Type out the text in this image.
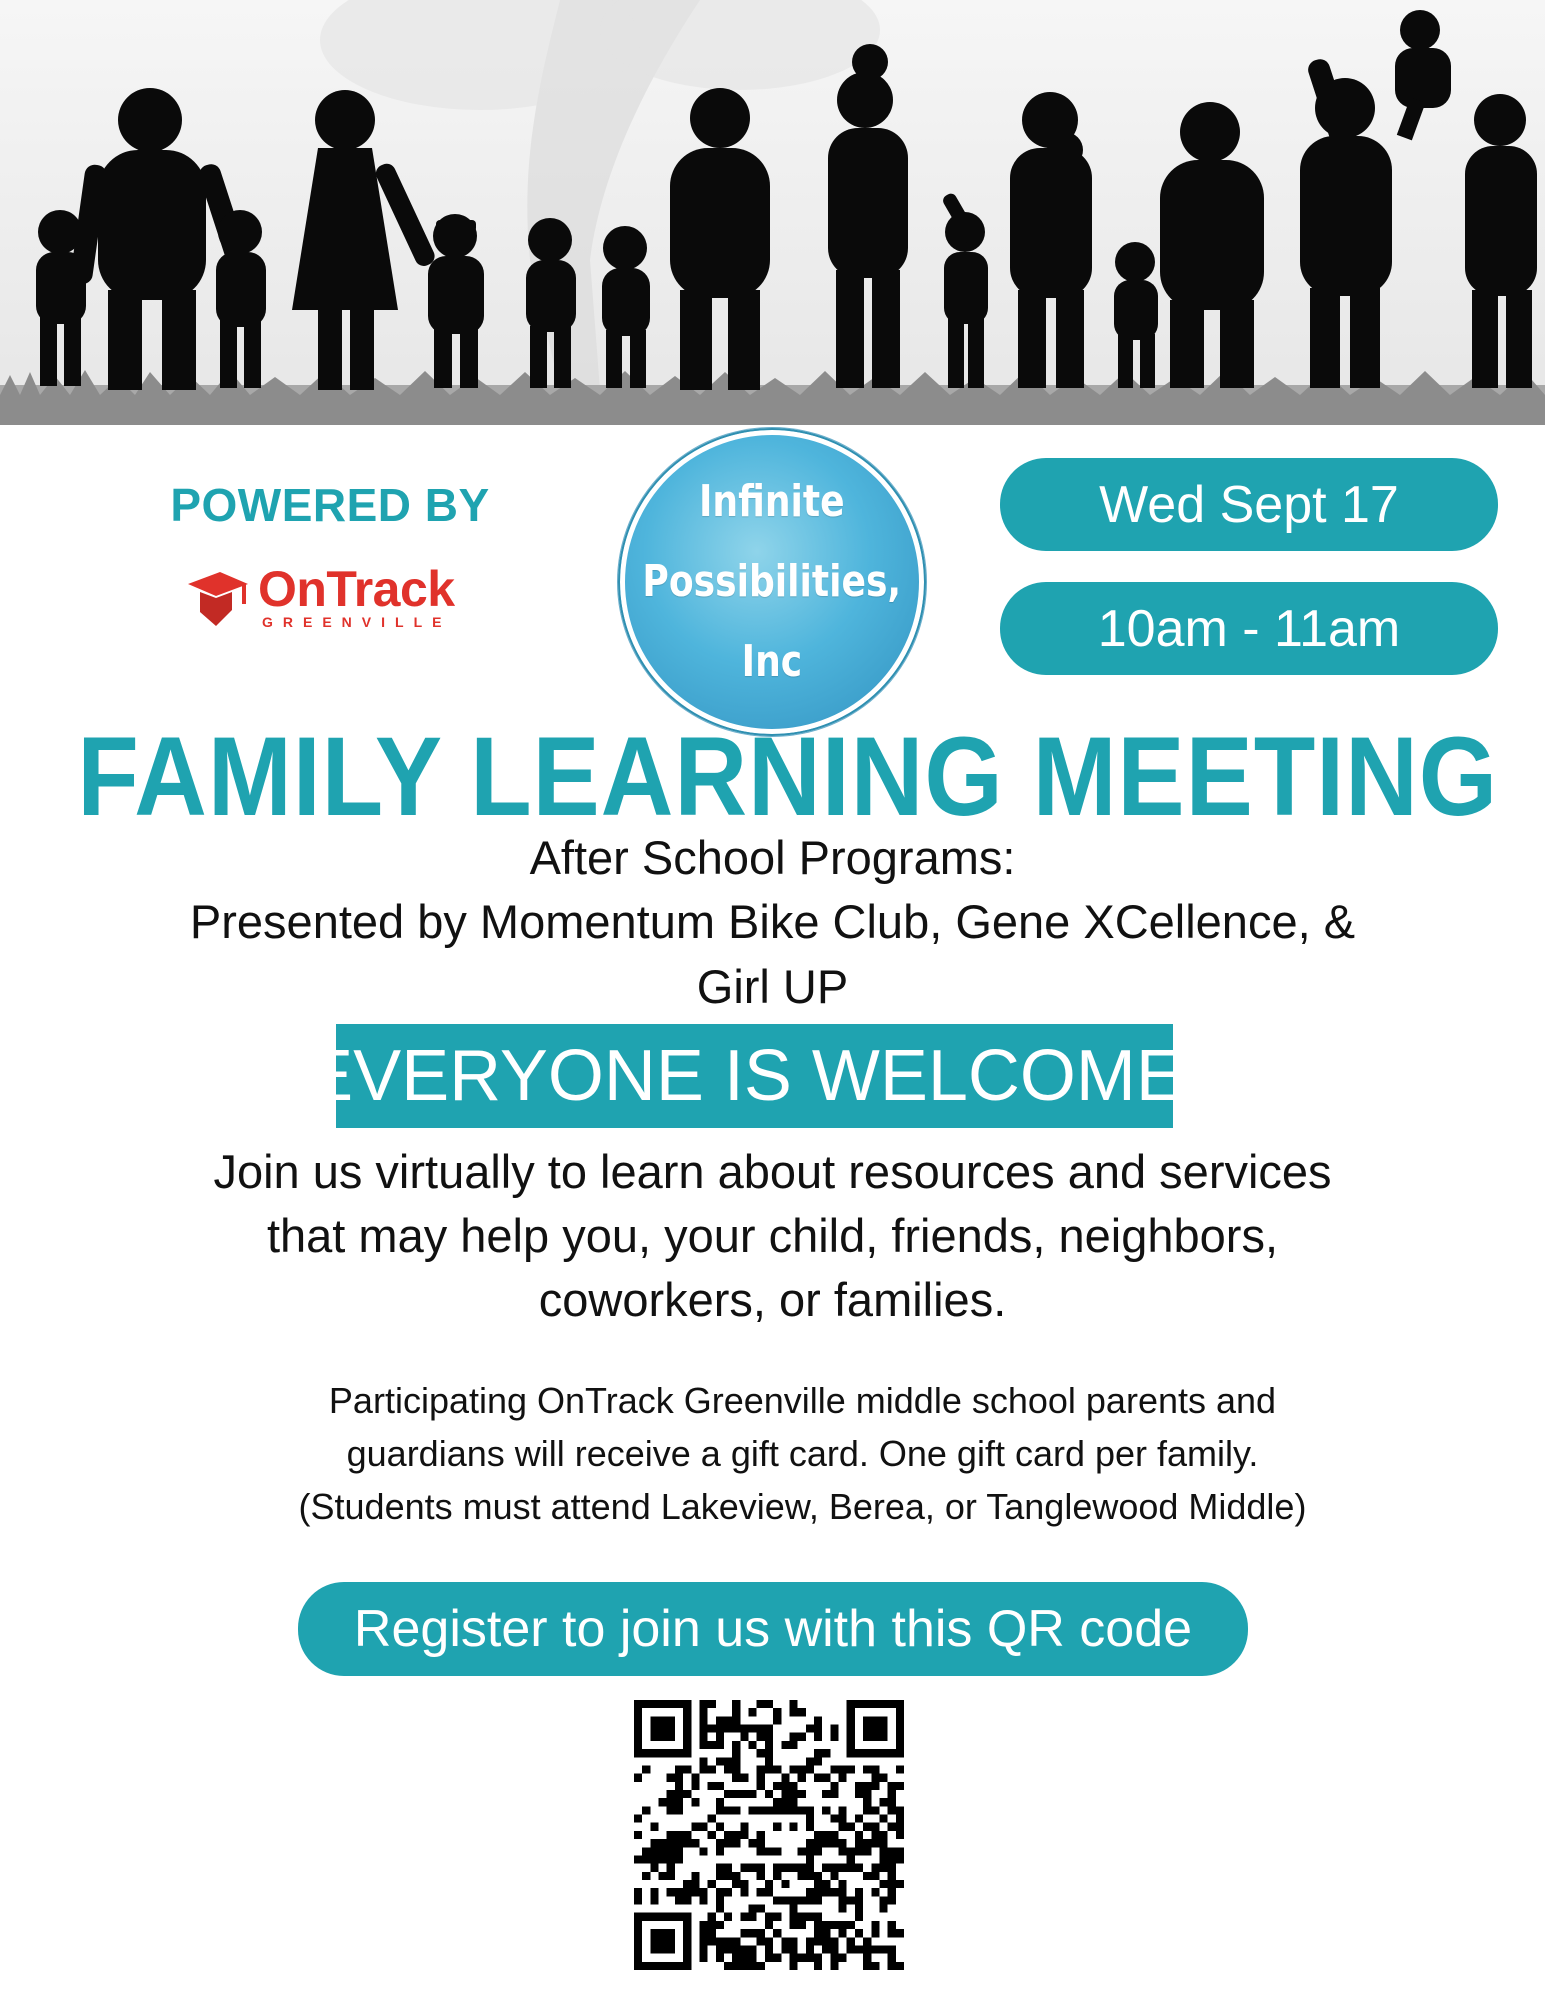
POWERED BY
OnTrack
GREENVILLE
Infinite
Possibilities,
Inc
Wed Sept 17
10am - 11am
FAMILY LEARNING MEETING
After School Programs:
Presented by Momentum Bike Club, Gene XCellence, &
Girl UP
EVERYONE IS WELCOME!
Join us virtually to learn about resources and services
that may help you, your child, friends, neighbors,
coworkers, or families.
Participating OnTrack Greenville middle school parents and
guardians will receive a gift card. One gift card per family.
(Students must attend Lakeview, Berea, or Tanglewood Middle)
Register to join us with this QR code
